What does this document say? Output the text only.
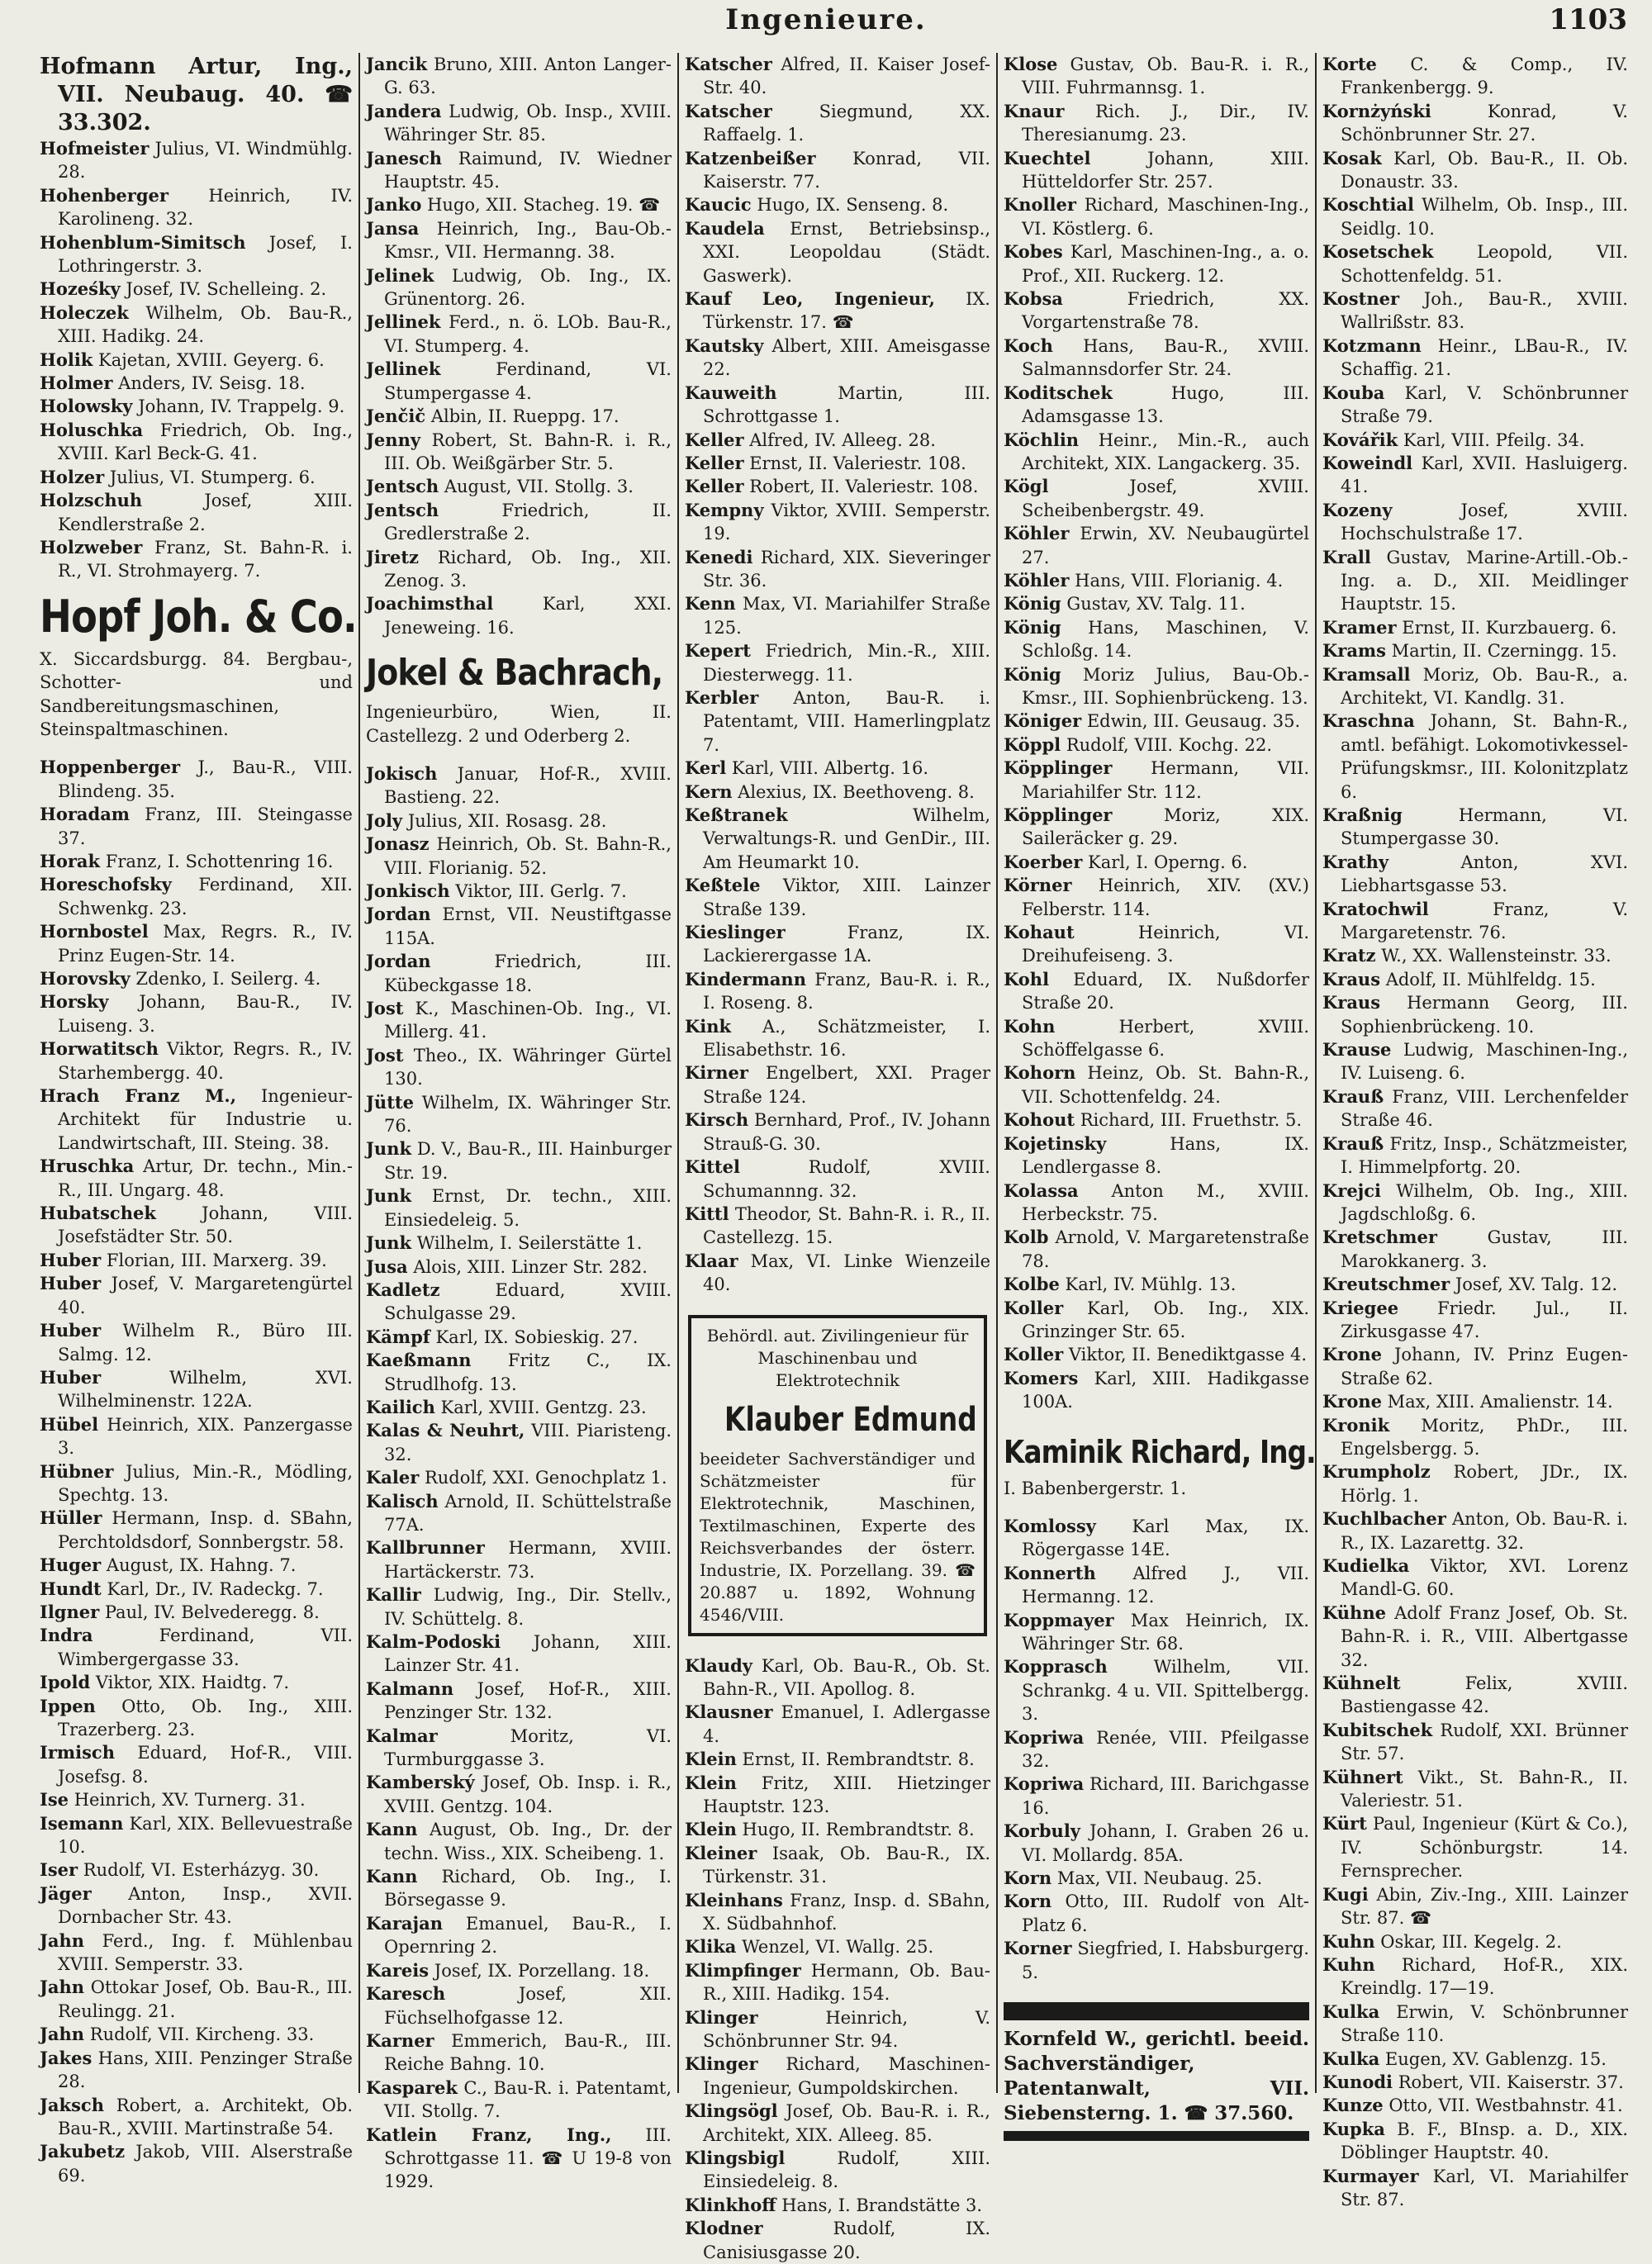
Ingenieure.	1103
Hofmann Artur, Ing., VII. Neubaug. 40. ☎ 33.302.
Hofmeister Julius, VI. Windmühlg. 28.
Hohenberger Heinrich, IV. Karolineng. 32.
Hohenblum-Simitsch Josef, I. Lothringerstr. 3.
Hoześky Josef, IV. Schelleing. 2.
Holeczek Wilhelm, Ob. Bau-R., XIII. Hadikg. 24.
Holik Kajetan, XVIII. Geyerg. 6.
Holmer Anders, IV. Seisg. 18.
Holowsky Johann, IV. Trappelg. 9.
Holuschka Friedrich, Ob. Ing., XVIII. Karl Beck-G. 41.
Holzer Julius, VI. Stumperg. 6.
Holzschuh	Josef, XIII. Kendlerstraße 2.
Holzweber Franz, St. Bahn-R. i. R., VI. Strohmayerg. 7.
Hopf Joh. & Co.
X. Siccardsburgg. 84. Bergbau-, Schotter- und Sandbereitungsmaschinen, Steinspaltmaschinen.
Hoppenberger J., Bau-R., VIII. Blindeng. 35.
Horadam Franz, III. Steingasse 37.
Horak Franz, I. Schottenring 16.
Horeschofsky Ferdinand, XII. Schwenkg. 23.
Hornbostel Max, Regrs. R., IV. Prinz Eugen-Str. 14.
Horovsky Zdenko, I. Seilerg. 4.
Horsky Johann, Bau-R., IV. Luiseng. 3.
Horwatitsch Viktor, Regrs. R., IV. Starhembergg. 40.
Hrach Franz M., Ingenieur-Architekt für Industrie u. Landwirtschaft, III. Steing. 38.
Hruschka Artur, Dr. techn., Min.-R., III. Ungarg. 48.
Hubatschek	Johann, VIII. Josefstädter Str. 50.
Huber Florian, III. Marxerg. 39.
Huber Josef, V. Margaretengürtel 40.
Huber Wilhelm R., Büro III. Salmg. 12.
Huber	Wilhelm, XVI. Wilhelminenstr. 122A.
Hübel Heinrich, XIX. Panzergasse 3.
Hübner Julius, Min.-R., Mödling, Spechtg. 13.
Hüller Hermann, Insp. d. SBahn, Perchtoldsdorf, Sonnbergstr. 58.
Huger August, IX. Hahng. 7.
Hundt Karl, Dr., IV. Radeckg. 7.
Ilgner Paul, IV. Belvederegg. 8.
Indra	Ferdinand, VII. Wimbergergasse 33.
Ipold Viktor, XIX. Haidtg. 7.
Ippen Otto, Ob. Ing., XIII. Trazerberg. 23.
Irmisch Eduard, Hof-R., VIII. Josefsg. 8.
Ise Heinrich, XV. Turnerg. 31.
Isemann Karl, XIX. Bellevuestraße 10.
Iser Rudolf, VI. Esterházyg. 30.
Jäger Anton, Insp., XVII. Dornbacher Str. 43.
Jahn Ferd., Ing. f. Mühlenbau XVIII. Semperstr. 33.
Jahn Ottokar Josef, Ob. Bau-R., III. Reulingg. 21.
Jahn Rudolf, VII. Kircheng. 33.
Jakes Hans, XIII. Penzinger Straße 28.
Jaksch Robert, a. Architekt, Ob. Bau-R., XVIII. Martinstraße 54.
Jakubetz Jakob, VIII. Alserstraße 69.
Jancik Bruno, XIII. Anton Langer-G. 63.
Jandera Ludwig, Ob. Insp., XVIII. Währinger Str. 85.
Janesch Raimund, IV. Wiedner Hauptstr. 45.
Janko Hugo, XII. Stacheg. 19. ☎
Jansa Heinrich, Ing., Bau-Ob.-Kmsr., VII. Hermanng. 38.
Jelinek Ludwig, Ob. Ing., IX. Grünentorg. 26.
Jellinek Ferd., n. ö. LOb. Bau-R., VI. Stumperg. 4.
Jellinek	Ferdinand, VI. Stumpergasse 4.
Jenčič Albin, II. Rueppg. 17.
Jenny Robert, St. Bahn-R. i. R., III. Ob. Weißgärber Str. 5.
Jentsch August, VII. Stollg. 3.
Jentsch	Friedrich, II. Gredlerstraße 2.
Jiretz Richard, Ob. Ing., XII. Zenog. 3.
Joachimsthal	Karl, XXI. Jeneweing. 16.
Jokel & Bachrach,
Ingenieurbüro, Wien, II. Castellezg. 2 und Oderberg 2.
Jokisch Januar, Hof-R., XVIII. Bastieng. 22.
Joly Julius, XII. Rosasg. 28.
Jonasz Heinrich, Ob. St. Bahn-R., VIII. Florianig. 52.
Jonkisch Viktor, III. Gerlg. 7.
Jordan Ernst, VII. Neustiftgasse 115A.
Jordan	Friedrich, III. Kübeckgasse 18.
Jost K., Maschinen-Ob. Ing., VI. Millerg. 41.
Jost Theo., IX. Währinger Gürtel 130.
Jütte Wilhelm, IX. Währinger Str. 76.
Junk D. V., Bau-R., III. Hainburger Str. 19.
Junk Ernst, Dr. techn., XIII. Einsiedeleig. 5.
Junk Wilhelm, I. Seilerstätte 1.
Jusa Alois, XIII. Linzer Str. 282.
Kadletz	Eduard, XVIII. Schulgasse 29.
Kämpf Karl, IX. Sobieskig. 27.
Kaeßmann Fritz C., IX. Strudlhofg. 13.
Kailich Karl, XVIII. Gentzg. 23.
Kalas & Neuhrt, VIII. Piaristeng. 32.
Kaler Rudolf, XXI. Genochplatz 1.
Kalisch Arnold, II. Schüttelstraße 77A.
Kallbrunner Hermann, XVIII. Hartäckerstr. 73.
Kallir Ludwig, Ing., Dir. Stellv., IV. Schüttelg. 8.
Kalm-Podoski Johann, XIII. Lainzer Str. 41.
Kalmann Josef, Hof-R., XIII. Penzinger Str. 132.
Kalmar	Moritz, VI. Turmburggasse 3.
Kamberský Josef, Ob. Insp. i. R., XVIII. Gentzg. 104.
Kann August, Ob. Ing., Dr. der techn. Wiss., XIX. Scheibeng. 1.
Kann Richard, Ob. Ing., I. Börsegasse 9.
Karajan Emanuel, Bau-R., I. Opernring 2.
Kareis Josef, IX. Porzellang. 18.
Karesch	Josef, XII. Füchselhofgasse 12.
Karner Emmerich, Bau-R., III. Reiche Bahng. 10.
Kasparek C., Bau-R. i. Patentamt, VII. Stollg. 7.
Katlein Franz, Ing., III. Schrottgasse 11. ☎ U 19-8 von 1929.
Katscher Alfred, II. Kaiser Josef-Str. 40.
Katscher	Siegmund, XX. Raffaelg. 1.
Katzenbeißer Konrad, VII. Kaiserstr. 77.
Kaucic Hugo, IX. Senseng. 8.
Kaudela Ernst, Betriebsinsp., XXI. Leopoldau (Städt. Gaswerk).
Kauf Leo, Ingenieur, IX. Türkenstr. 17. ☎
Kautsky Albert, XIII. Ameisgasse 22.
Kauweith	Martin, III. Schrottgasse 1.
Keller Alfred, IV. Alleeg. 28.
Keller Ernst, II. Valeriestr. 108.
Keller Robert, II. Valeriestr. 108.
Kempny Viktor, XVIII. Semperstr. 19.
Kenedi Richard, XIX. Sieveringer Str. 36.
Kenn Max, VI. Mariahilfer Straße 125.
Kepert Friedrich, Min.-R., XIII. Diesterwegg. 11.
Kerbler Anton, Bau-R. i. Patentamt, VIII. Hamerlingplatz 7.
Kerl Karl, VIII. Albertg. 16.
Kern Alexius, IX. Beethoveng. 8.
Keßtranek	Wilhelm, Verwaltungs-R. und GenDir., III. Am Heumarkt 10.
Keßtele Viktor, XIII. Lainzer Straße 139.
Kieslinger	Franz, IX. Lackierergasse 1A.
Kindermann Franz, Bau-R. i. R., I. Roseng. 8.
Kink A., Schätzmeister, I. Elisabethstr. 16.
Kirner Engelbert, XXI. Prager Straße 124.
Kirsch Bernhard, Prof., IV. Johann Strauß-G. 30.
Kittel	Rudolf, XVIII. Schumannng. 32.
Kittl Theodor, St. Bahn-R. i. R., II. Castellezg. 15.
Klaar Max, VI. Linke Wienzeile 40.
Behördl. aut. Zivilingenieur für Maschinenbau und Elektrotechnik
Klauber Edmund
beeideter Sachverständiger und Schätzmeister für Elektrotechnik, Maschinen, Textilmaschinen, Experte des Reichsverbandes der österr. Industrie, IX. Porzellang. 39. ☎ 20.887 u. 1892, Wohnung 4546/VIII.
Klaudy Karl, Ob. Bau-R., Ob. St. Bahn-R., VII. Apollog. 8.
Klausner Emanuel, I. Adlergasse 4.
Klein Ernst, II. Rembrandtstr. 8.
Klein Fritz, XIII. Hietzinger Hauptstr. 123.
Klein Hugo, II. Rembrandtstr. 8.
Kleiner Isaak, Ob. Bau-R., IX. Türkenstr. 31.
Kleinhans Franz, Insp. d. SBahn, X. Südbahnhof.
Klika Wenzel, VI. Wallg. 25.
Klimpfinger Hermann, Ob. Bau-R., XIII. Hadikg. 154.
Klinger	Heinrich, V. Schönbrunner Str. 94.
Klinger Richard, Maschinen-Ingenieur, Gumpoldskirchen.
Klingsögl Josef, Ob. Bau-R. i. R., Architekt, XIX. Alleeg. 85.
Klingsbigl	Rudolf, XIII. Einsiedeleig. 8.
Klinkhoff Hans, I. Brandstätte 3.
Klodner	Rudolf, IX. Canisiusgasse 20.
Klose Gustav, Ob. Bau-R. i. R., VIII. Fuhrmannsg. 1.
Knaur Rich. J., Dir., IV. Theresianumg. 23.
Kuechtel	Johann, XIII. Hütteldorfer Str. 257.
Knoller Richard, Maschinen-Ing., VI. Köstlerg. 6.
Kobes Karl, Maschinen-Ing., a. o. Prof., XII. Ruckerg. 12.
Kobsa	Friedrich, XX. Vorgartenstraße 78.
Koch Hans, Bau-R., XVIII. Salmannsdorfer Str. 24.
Koditschek	Hugo, III. Adamsgasse 13.
Köchlin Heinr., Min.-R., auch Architekt, XIX. Langackerg. 35.
Kögl	Josef, XVIII. Scheibenbergstr. 49.
Köhler Erwin, XV. Neubaugürtel 27.
Köhler Hans, VIII. Florianig. 4.
König Gustav, XV. Talg. 11.
König Hans, Maschinen, V. Schloßg. 14.
König Moriz Julius, Bau-Ob.-Kmsr., III. Sophienbrückeng. 13.
Königer Edwin, III. Geusaug. 35.
Köppl Rudolf, VIII. Kochg. 22.
Köpplinger Hermann, VII. Mariahilfer Str. 112.
Köpplinger	Moriz, XIX. Saileräcker g. 29.
Koerber Karl, I. Operng. 6.
Körner Heinrich, XIV. (XV.) Felberstr. 114.
Kohaut	Heinrich, VI. Dreihufeiseng. 3.
Kohl Eduard, IX. Nußdorfer Straße 20.
Kohn	Herbert, XVIII. Schöffelgasse 6.
Kohorn Heinz, Ob. St. Bahn-R., VII. Schottenfeldg. 24.
Kohout Richard, III. Fruethstr. 5.
Kojetinsky	Hans, IX. Lendlergasse 8.
Kolassa Anton M., XVIII. Herbeckstr. 75.
Kolb Arnold, V. Margaretenstraße 78.
Kolbe Karl, IV. Mühlg. 13.
Koller Karl, Ob. Ing., XIX. Grinzinger Str. 65.
Koller Viktor, II. Benediktgasse 4.
Komers Karl, XIII. Hadikgasse 100A.
Kaminik Richard, Ing.
I. Babenbergerstr. 1.
Komlossy Karl Max, IX. Rögergasse 14E.
Konnerth Alfred J., VII. Hermanng. 12.
Koppmayer Max Heinrich, IX. Währinger Str. 68.
Kopprasch	Wilhelm, VII. Schrankg. 4 u. VII. Spittelbergg. 3.
Kopriwa Renée, VIII. Pfeilgasse 32.
Kopriwa Richard, III. Barichgasse 16.
Korbuly Johann, I. Graben 26 u. VI. Mollardg. 85A.
Korn Max, VII. Neubaug. 25.
Korn Otto, III. Rudolf von Alt-Platz 6.
Korner Siegfried, I. Habsburgerg. 5.
Kornfeld W., gerichtl. beeid. Sachverständiger, Patentanwalt, VII. Siebensterng. 1. ☎ 37.560.
Korte C. & Comp., IV. Frankenbergg. 9.
Kornżyński	Konrad, V. Schönbrunner Str. 27.
Kosak Karl, Ob. Bau-R., II. Ob. Donaustr. 33.
Koschtial Wilhelm, Ob. Insp., III. Seidlg. 10.
Kosetschek	Leopold, VII. Schottenfeldg. 51.
Kostner Joh., Bau-R., XVIII. Wallrißstr. 83.
Kotzmann Heinr., LBau-R., IV. Schaffig. 21.
Kouba Karl, V. Schönbrunner Straße 79.
Kovářik Karl, VIII. Pfeilg. 34.
Koweindl Karl, XVII. Hasluigerg. 41.
Kozeny	Josef, XVIII. Hochschulstraße 17.
Krall Gustav, Marine-Artill.-Ob.-Ing. a. D., XII. Meidlinger Hauptstr. 15.
Kramer Ernst, II. Kurzbauerg. 6.
Krams Martin, II. Czerningg. 15.
Kramsall Moriz, Ob. Bau-R., a. Architekt, VI. Kandlg. 31.
Kraschna Johann, St. Bahn-R., amtl. befähigt. Lokomotivkessel-Prüfungskmsr., III. Kolonitzplatz 6.
Kraßnig	Hermann, VI. Stumpergasse 30.
Krathy	Anton, XVI. Liebhartsgasse 53.
Kratochwil	Franz, V. Margaretenstr. 76.
Kratz W., XX. Wallensteinstr. 33.
Kraus Adolf, II. Mühlfeldg. 15.
Kraus Hermann Georg, III. Sophienbrückeng. 10.
Krause Ludwig, Maschinen-Ing., IV. Luiseng. 6.
Krauß Franz, VIII. Lerchenfelder Straße 46.
Krauß Fritz, Insp., Schätzmeister, I. Himmelpfortg. 20.
Krejci Wilhelm, Ob. Ing., XIII. Jagdschloßg. 6.
Kretschmer	Gustav, III. Marokkanerg. 3.
Kreutschmer Josef, XV. Talg. 12.
Kriegee Friedr. Jul., II. Zirkusgasse 47.
Krone Johann, IV. Prinz Eugen-Straße 62.
Krone Max, XIII. Amalienstr. 14.
Kronik Moritz, PhDr., III. Engelsbergg. 5.
Krumpholz Robert, JDr., IX. Hörlg. 1.
Kuchlbacher Anton, Ob. Bau-R. i. R., IX. Lazarettg. 32.
Kudielka Viktor, XVI. Lorenz Mandl-G. 60.
Kühne Adolf Franz Josef, Ob. St. Bahn-R. i. R., VIII. Albertgasse 32.
Kühnelt	Felix, XVIII. Bastiengasse 42.
Kubitschek Rudolf, XXI. Brünner Str. 57.
Kühnert Vikt., St. Bahn-R., II. Valeriestr. 51.
Kürt Paul, Ingenieur (Kürt & Co.), IV. Schönburgstr. 14. Fernsprecher.
Kugi Abin, Ziv.-Ing., XIII. Lainzer Str. 87. ☎
Kuhn Oskar, III. Kegelg. 2.
Kuhn Richard, Hof-R., XIX. Kreindlg. 17—19.
Kulka Erwin, V. Schönbrunner Straße 110.
Kulka Eugen, XV. Gablenzg. 15.
Kunodi Robert, VII. Kaiserstr. 37.
Kunze Otto, VII. Westbahnstr. 41.
Kupka B. F., BInsp. a. D., XIX. Döblinger Hauptstr. 40.
Kurmayer Karl, VI. Mariahilfer Str. 87.
